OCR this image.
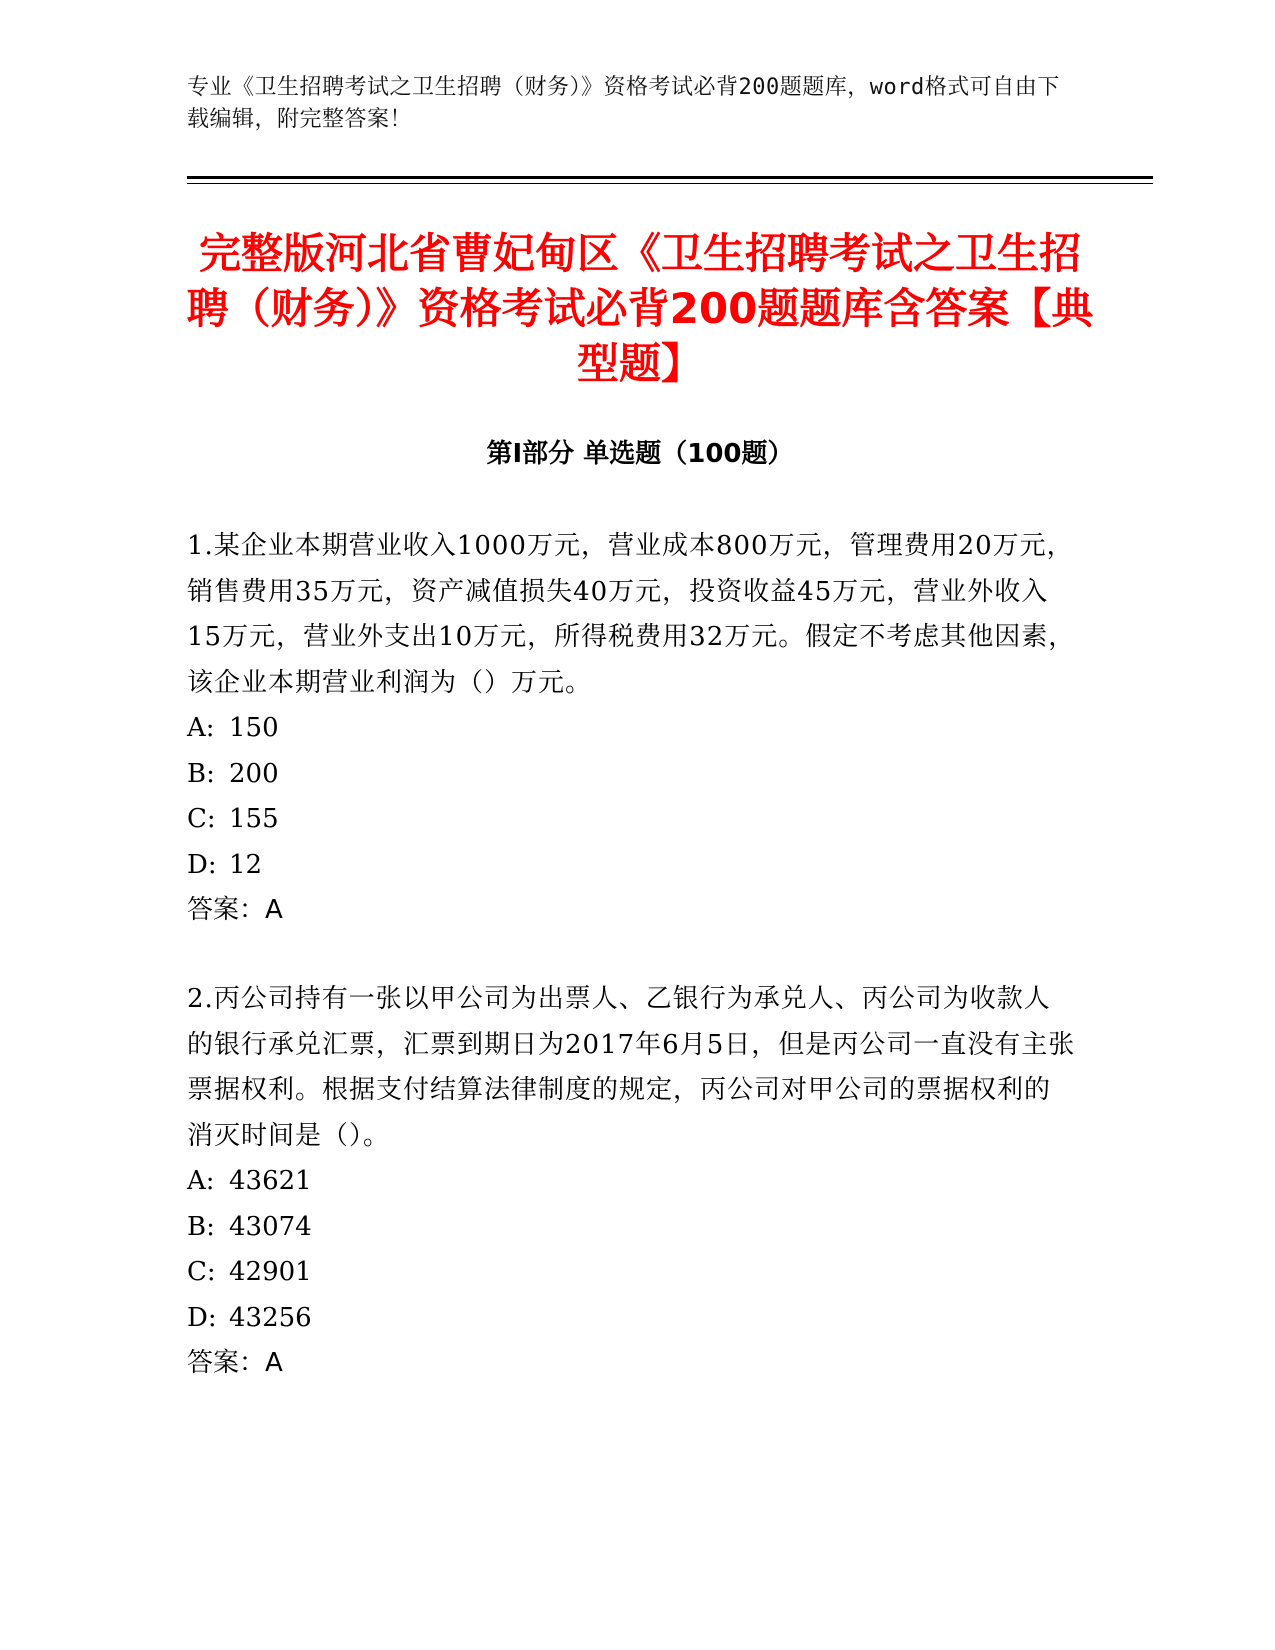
专业《卫生招聘考试之卫生招聘（财务）》资格考试必背200题题库，word格式可自由下载编辑，附完整答案！
完整版河北省曹妃甸区《卫生招聘考试之卫生招聘（财务）》资格考试必背200题题库含答案【典型题】
第Ⅰ部分 单选题（100题）

1.某企业本期营业收入1000万元，营业成本800万元，管理费用20万元，销售费用35万元，资产减值损失40万元，投资收益45万元，营业外收入15万元，营业外支出10万元，所得税费用32万元。假定不考虑其他因素，该企业本期营业利润为（）万元。

A: 150

B: 200

C: 155

D: 12

答案：A

2.丙公司持有一张以甲公司为出票人、乙银行为承兑人、丙公司为收款人的银行承兑汇票，汇票到期日为2017年6月5日，但是丙公司一直没有主张票据权利。根据支付结算法律制度的规定，丙公司对甲公司的票据权利的消灭时间是（）。

A: 43621

B: 43074

C: 42901

D: 43256

答案：A
